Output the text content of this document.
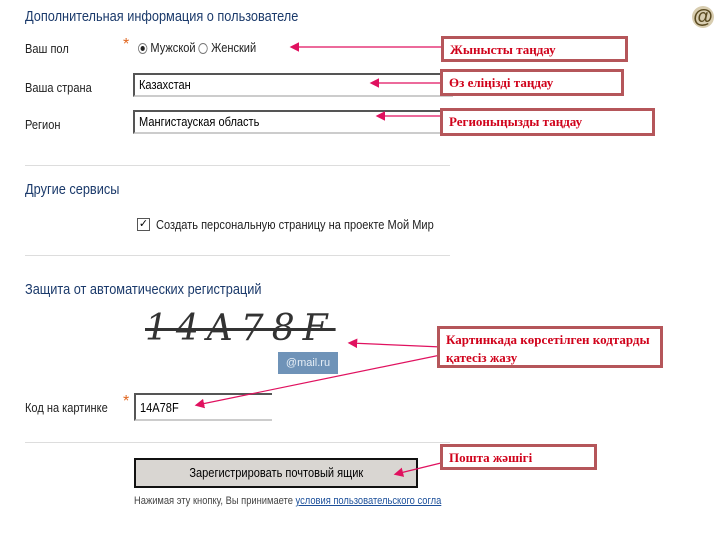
@
Дополнительная информация о пользователе
Ваш пол	*	Мужской Женский
Ваша страна	Казахстан
Регион	Мангистауская область
Другие сервисы
✓ Создать персональную страницу на проекте Мой Мир
Защита от автоматических регистраций
14A78F
@mail.ru
Код на картинке * 14A78F
Зарегистрировать почтовый ящик
Нажимая эту кнопку, Вы принимаете условия пользовательского согла
Жынысты таңдау
Өз еліңізді таңдау
Регионыңызды таңдау
Картинкада көрсетілген кодтарды қатесіз жазу
Пошта жәшігі
